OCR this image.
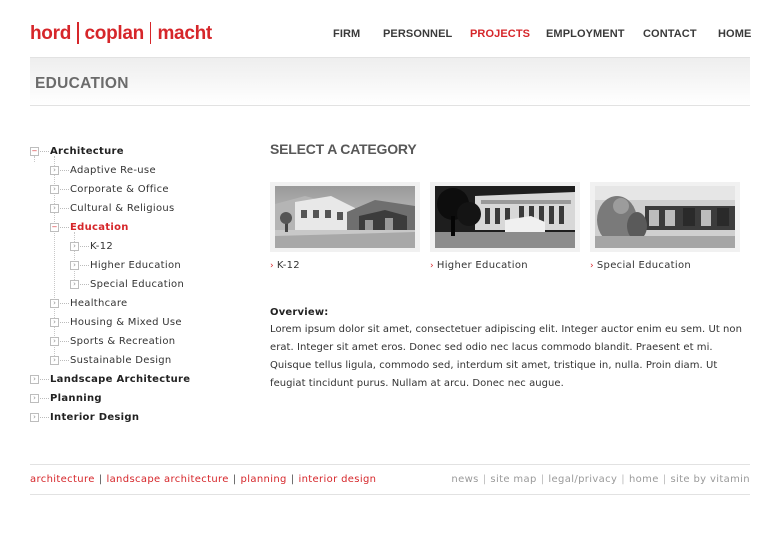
hord coplan macht	FIRM PERSONNEL PROJECTS EMPLOYMENT CONTACT HOME
EDUCATION
− Architecture
›	Adaptive Re-use
›	Corporate & Office
›	Cultural & Religious
− Education
›	K-12
›	Higher Education
›	Special Education
›	Healthcare
›	Housing & Mixed Use
›	Sports & Recreation
›	Sustainable Design
›	Landscape Architecture
›	Planning
›	Interior Design
SELECT A CATEGORY
› K-12	› Higher Education	› Special Education
Overview:
Lorem ipsum dolor sit amet, consectetuer adipiscing elit. Integer auctor enim eu sem. Ut non erat. Integer sit amet eros. Donec sed odio nec lacus commodo blandit. Praesent et mi. Quisque tellus ligula, commodo sed, interdum sit amet, tristique in, nulla. Proin diam. Ut feugiat tincidunt purus. Nullam at arcu. Donec nec augue.
architecture | landscape architecture | planning | interior design	news | site map | legal/privacy | home | site by vitamin
